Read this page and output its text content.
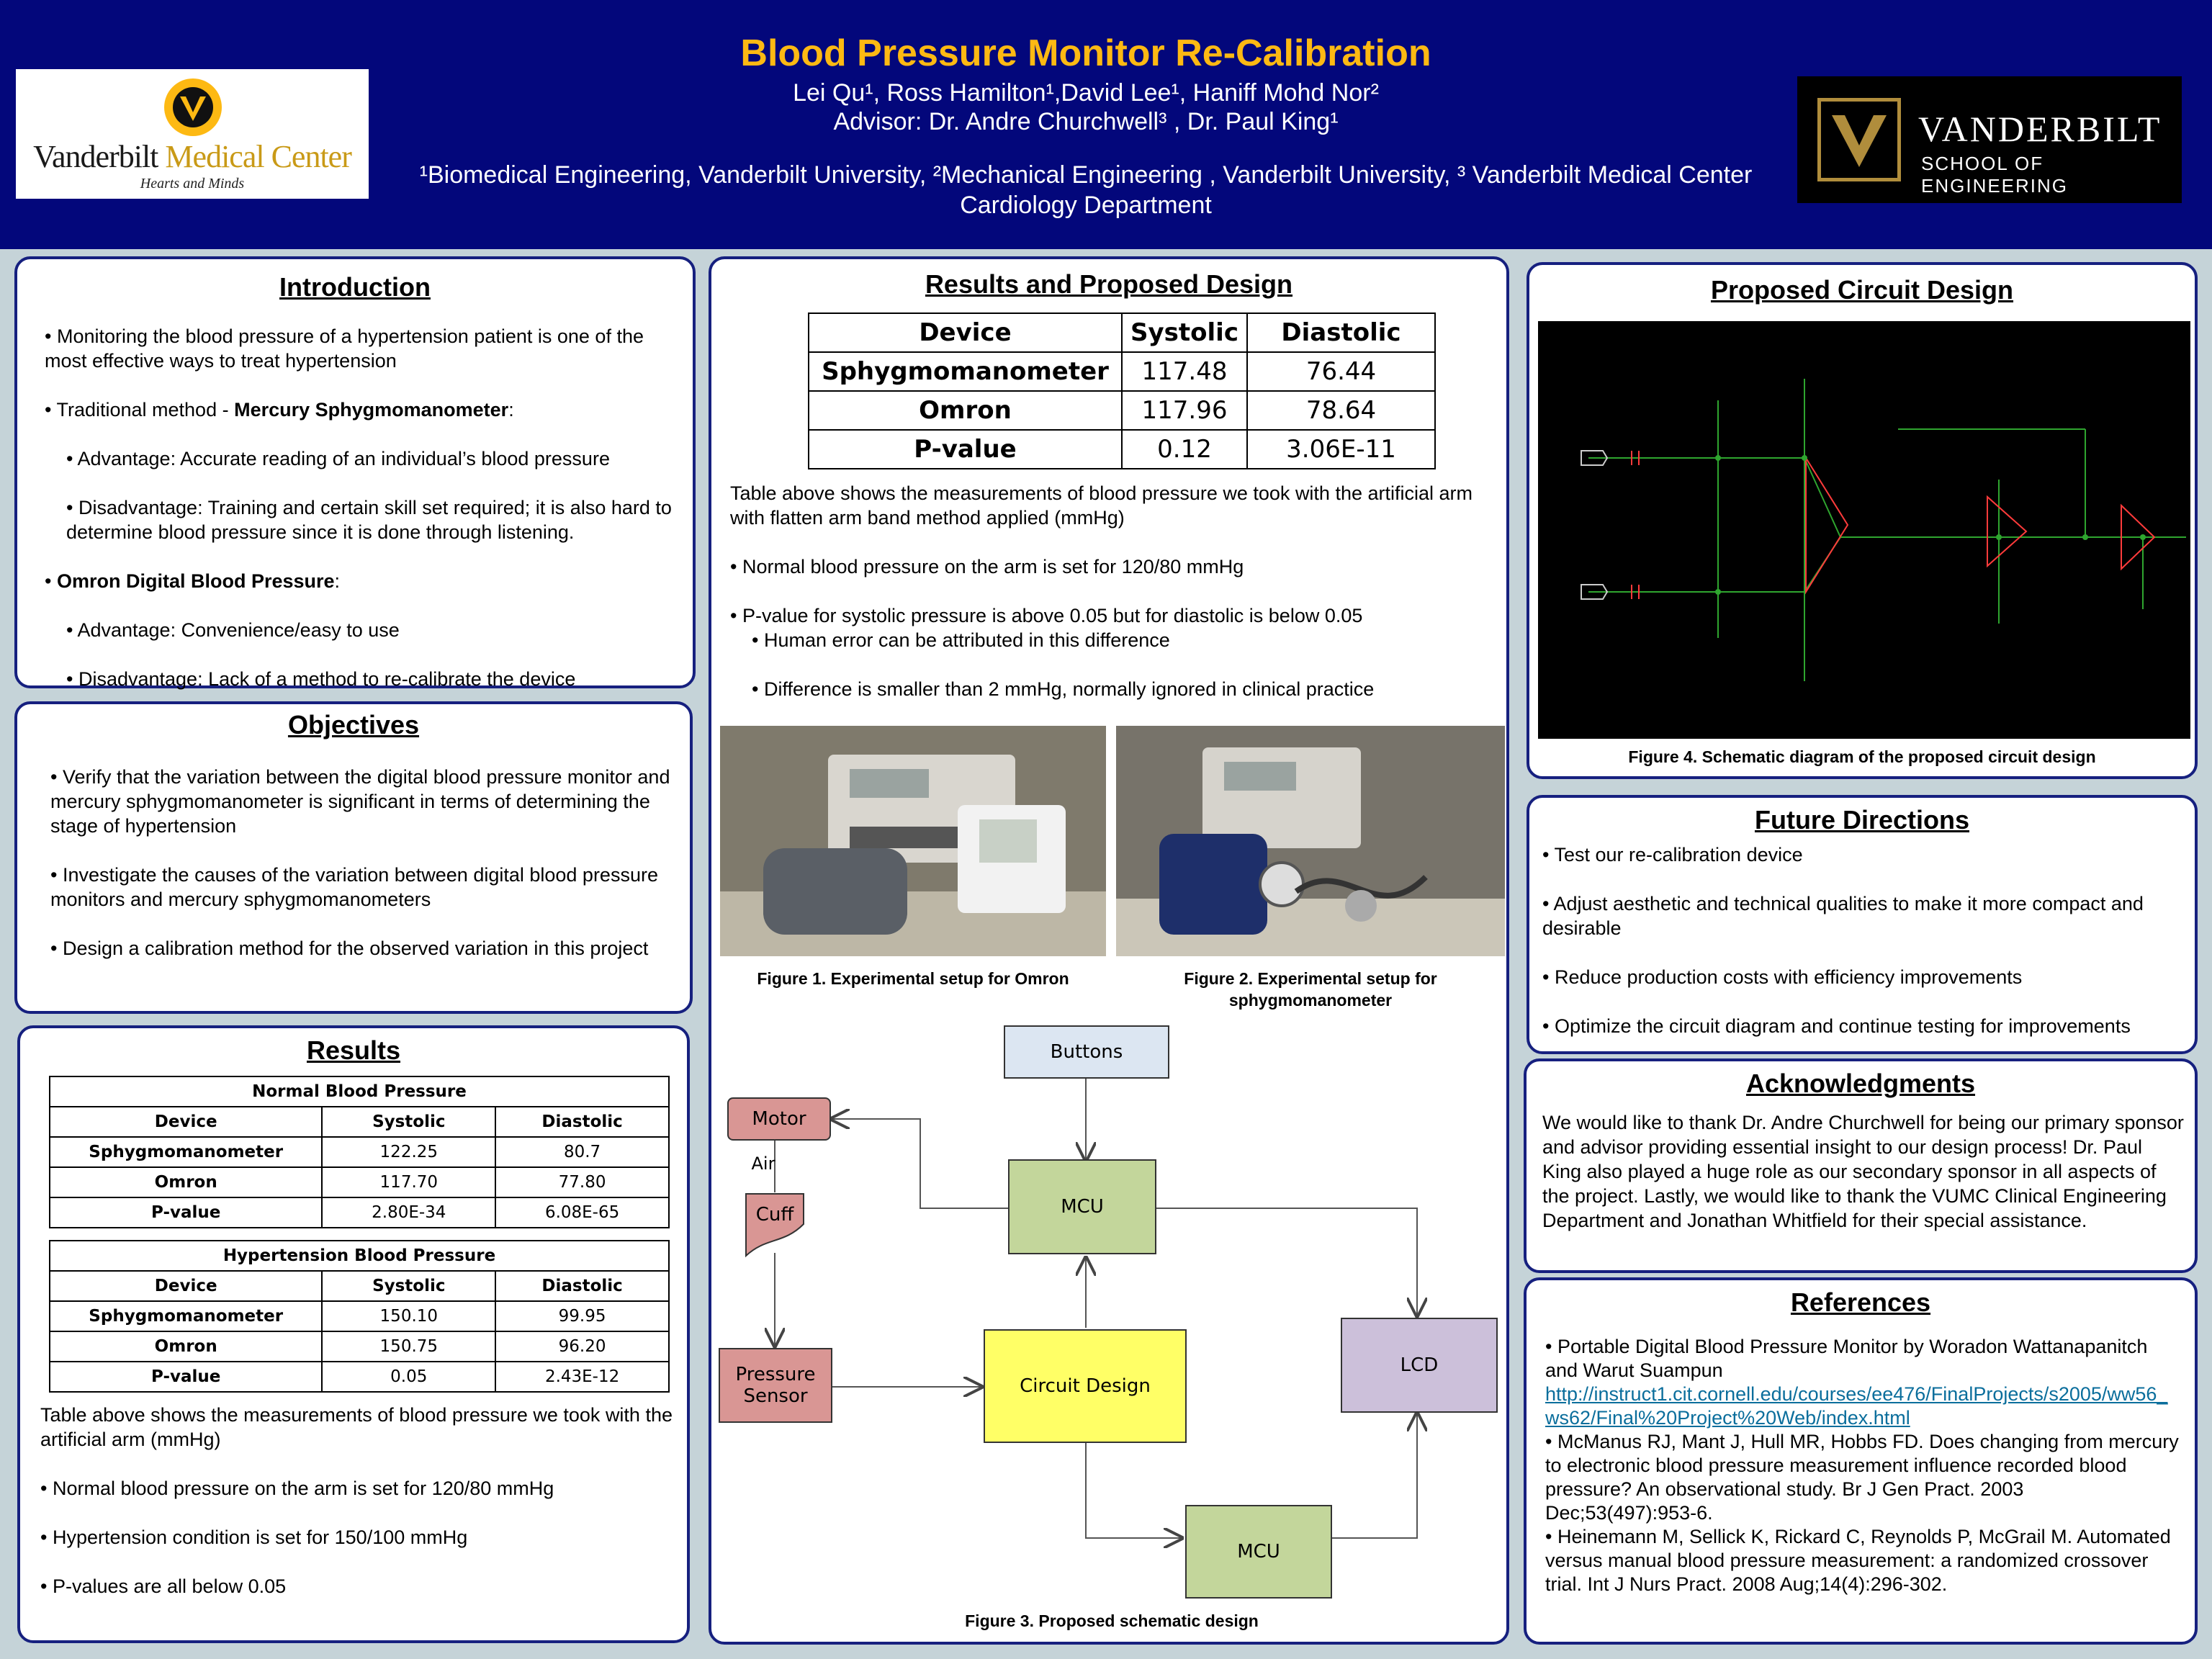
Vanderbilt Medical Center
Hearts and Minds
Blood Pressure Monitor Re-Calibration
Lei Qu¹, Ross Hamilton¹,David Lee¹, Haniff Mohd Nor²
Advisor: Dr. Andre Churchwell³ , Dr. Paul King¹
¹Biomedical Engineering, Vanderbilt University, ²Mechanical Engineering , Vanderbilt University, ³ Vanderbilt Medical Center
Cardiology Department
VANDERBILT
SCHOOL OF ENGINEERING
Introduction

• Monitoring the blood pressure of a hypertension patient is one of the most effective ways to treat hypertension

• Traditional method - Mercury Sphygmomanometer:

• Advantage: Accurate reading of an individual’s blood pressure

• Disadvantage: Training and certain skill set required; it is also hard to determine blood pressure since it is done through listening.

• Omron Digital Blood Pressure:

• Advantage: Convenience/easy to use

• Disadvantage: Lack of a method to re-calibrate the device

Objectives

• Verify that the variation between the digital blood pressure monitor and mercury sphygmomanometer is significant in terms of determining the stage of hypertension

• Investigate the causes of the variation between digital blood pressure monitors and mercury sphygmomanometers

• Design a calibration method for the observed variation in this project

Results
Normal Blood Pressure		
Device	Systolic	Diastolic
Sphygmomanometer	122.25	80.7
Omron	117.70	77.80
P-value	2.80E-34	6.08E-65
Hypertension Blood Pressure		
Device	Systolic	Diastolic
Sphygmomanometer	150.10	99.95
Omron	150.75	96.20
P-value	0.05	2.43E-12

Table above shows the measurements of blood pressure we took with the artificial arm (mmHg)

• Normal blood pressure on the arm is set for 120/80 mmHg

• Hypertension condition is set for 150/100 mmHg

• P-values are all below 0.05

Results and Proposed Design
Device	Systolic	Diastolic
Sphygmomanometer	117.48	76.44
Omron	117.96	78.64
P-value	0.12	3.06E-11

Table above shows the measurements of blood pressure we took with the artificial arm with flatten arm band method applied (mmHg)

• Normal blood pressure on the arm is set for 120/80 mmHg

• P-value for systolic pressure is above 0.05 but for diastolic is below 0.05

• Human error can be attributed in this difference

• Difference is smaller than 2 mmHg, normally ignored in clinical practice

Figure 1. Experimental setup for Omron	Figure 2. Experimental setup for sphygmomanometer
Buttons
Motor
Air
Cuff	MCU
Pressure Sensor	Circuit Design
LCD
MCU
Figure 3. Proposed schematic design
Proposed Circuit Design
Figure 4. Schematic diagram of the proposed circuit design
Future Directions

• Test our re-calibration device

• Adjust aesthetic and technical qualities to make it more compact and desirable

• Reduce production costs with efficiency improvements

• Optimize the circuit diagram and continue testing for improvements

Acknowledgments
We would like to thank Dr. Andre Churchwell for being our primary sponsor and advisor providing essential insight to our design process! Dr. Paul King also played a huge role as our secondary sponsor in all aspects of the project. Lastly, we would like to thank the VUMC Clinical Engineering Department and Jonathan Whitfield for their special assistance.
References

• Portable Digital Blood Pressure Monitor by Woradon Wattanapanitch and Warut Suampun

http://instruct1.cit.cornell.edu/courses/ee476/FinalProjects/s2005/ww56_ws62/Final%20Project%20Web/index.html

• McManus RJ, Mant J, Hull MR, Hobbs FD. Does changing from mercury to electronic blood pressure measurement influence recorded blood pressure? An observational study. Br J Gen Pract. 2003 Dec;53(497):953-6.

• Heinemann M, Sellick K, Rickard C, Reynolds P, McGrail M. Automated versus manual blood pressure measurement: a randomized crossover trial. Int J Nurs Pract. 2008 Aug;14(4):296-302.
